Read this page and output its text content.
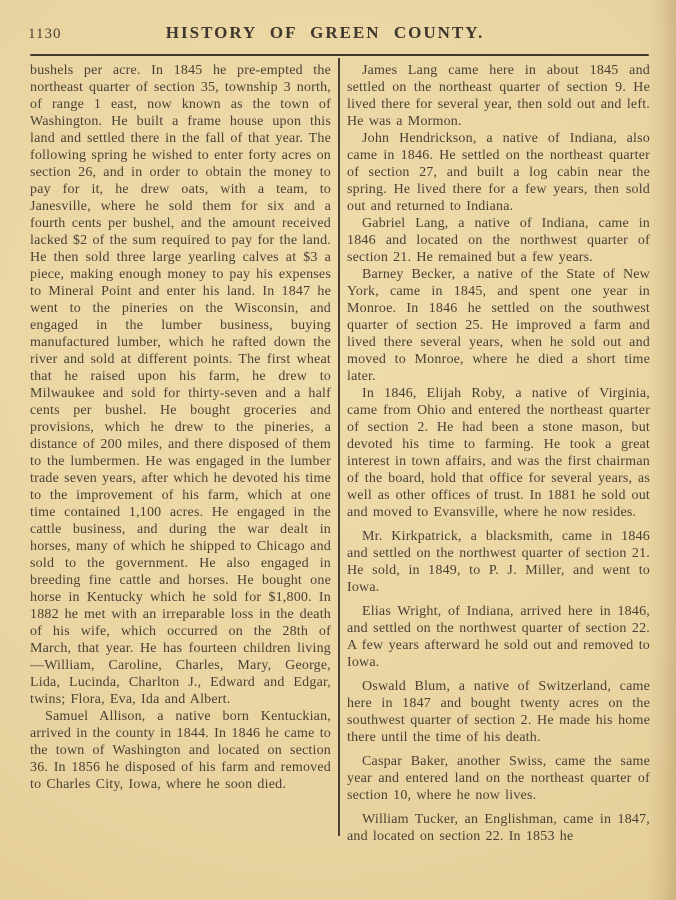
1130	HISTORY OF GREEN COUNTY.

bushels per acre. In 1845 he pre-empted the northeast quarter of section 35, township 3 north, of range 1 east, now known as the town of Washington. He built a frame house upon this land and settled there in the fall of that year. The following spring he wished to enter forty acres on section 26, and in order to obtain the money to pay for it, he drew oats, with a team, to Janesville, where he sold them for six and a fourth cents per bushel, and the amount received lacked $2 of the sum required to pay for the land. He then sold three large yearling calves at $3 a piece, making enough money to pay his expenses to Mineral Point and enter his land. In 1847 he went to the pineries on the Wisconsin, and engaged in the lumber business, buying manufactured lumber, which he rafted down the river and sold at different points. The first wheat that he raised upon his farm, he drew to Milwaukee and sold for thirty-seven and a half cents per bushel. He bought groceries and provisions, which he drew to the pineries, a distance of 200 miles, and there disposed of them to the lumbermen. He was engaged in the lumber trade seven years, after which he devoted his time to the improvement of his farm, which at one time contained 1,100 acres. He engaged in the cattle business, and during the war dealt in horses, many of which he shipped to Chicago and sold to the government. He also engaged in breeding fine cattle and horses. He bought one horse in Kentucky which he sold for $1,800. In 1882 he met with an irreparable loss in the death of his wife, which occurred on the 28th of March, that year. He has fourteen children living—William, Caroline, Charles, Mary, George, Lida, Lucinda, Charlton J., Edward and Edgar, twins; Flora, Eva, Ida and Albert.

Samuel Allison, a native born Kentuckian, arrived in the county in 1844. In 1846 he came to the town of Washington and located on section 36. In 1856 he disposed of his farm and removed to Charles City, Iowa, where he soon died.

James Lang came here in about 1845 and settled on the northeast quarter of section 9. He lived there for several year, then sold out and left. He was a Mormon.

John Hendrickson, a native of Indiana, also came in 1846. He settled on the northeast quarter of section 27, and built a log cabin near the spring. He lived there for a few years, then sold out and returned to Indiana.

Gabriel Lang, a native of Indiana, came in 1846 and located on the northwest quarter of section 21. He remained but a few years.

Barney Becker, a native of the State of New York, came in 1845, and spent one year in Monroe. In 1846 he settled on the southwest quarter of section 25. He improved a farm and lived there several years, when he sold out and moved to Monroe, where he died a short time later.

In 1846, Elijah Roby, a native of Virginia, came from Ohio and entered the northeast quarter of section 2. He had been a stone mason, but devoted his time to farming. He took a great interest in town affairs, and was the first chairman of the board, hold that office for several years, as well as other offices of trust. In 1881 he sold out and moved to Evansville, where he now resides.

Mr. Kirkpatrick, a blacksmith, came in 1846 and settled on the northwest quarter of section 21. He sold, in 1849, to P. J. Miller, and went to Iowa.

Elias Wright, of Indiana, arrived here in 1846, and settled on the northwest quarter of section 22. A few years afterward he sold out and removed to Iowa.

Oswald Blum, a native of Switzerland, came here in 1847 and bought twenty acres on the southwest quarter of section 2. He made his home there until the time of his death.

Caspar Baker, another Swiss, came the same year and entered land on the northeast quarter of section 10, where he now lives.

William Tucker, an Englishman, came in 1847, and located on section 22. In 1853 he
